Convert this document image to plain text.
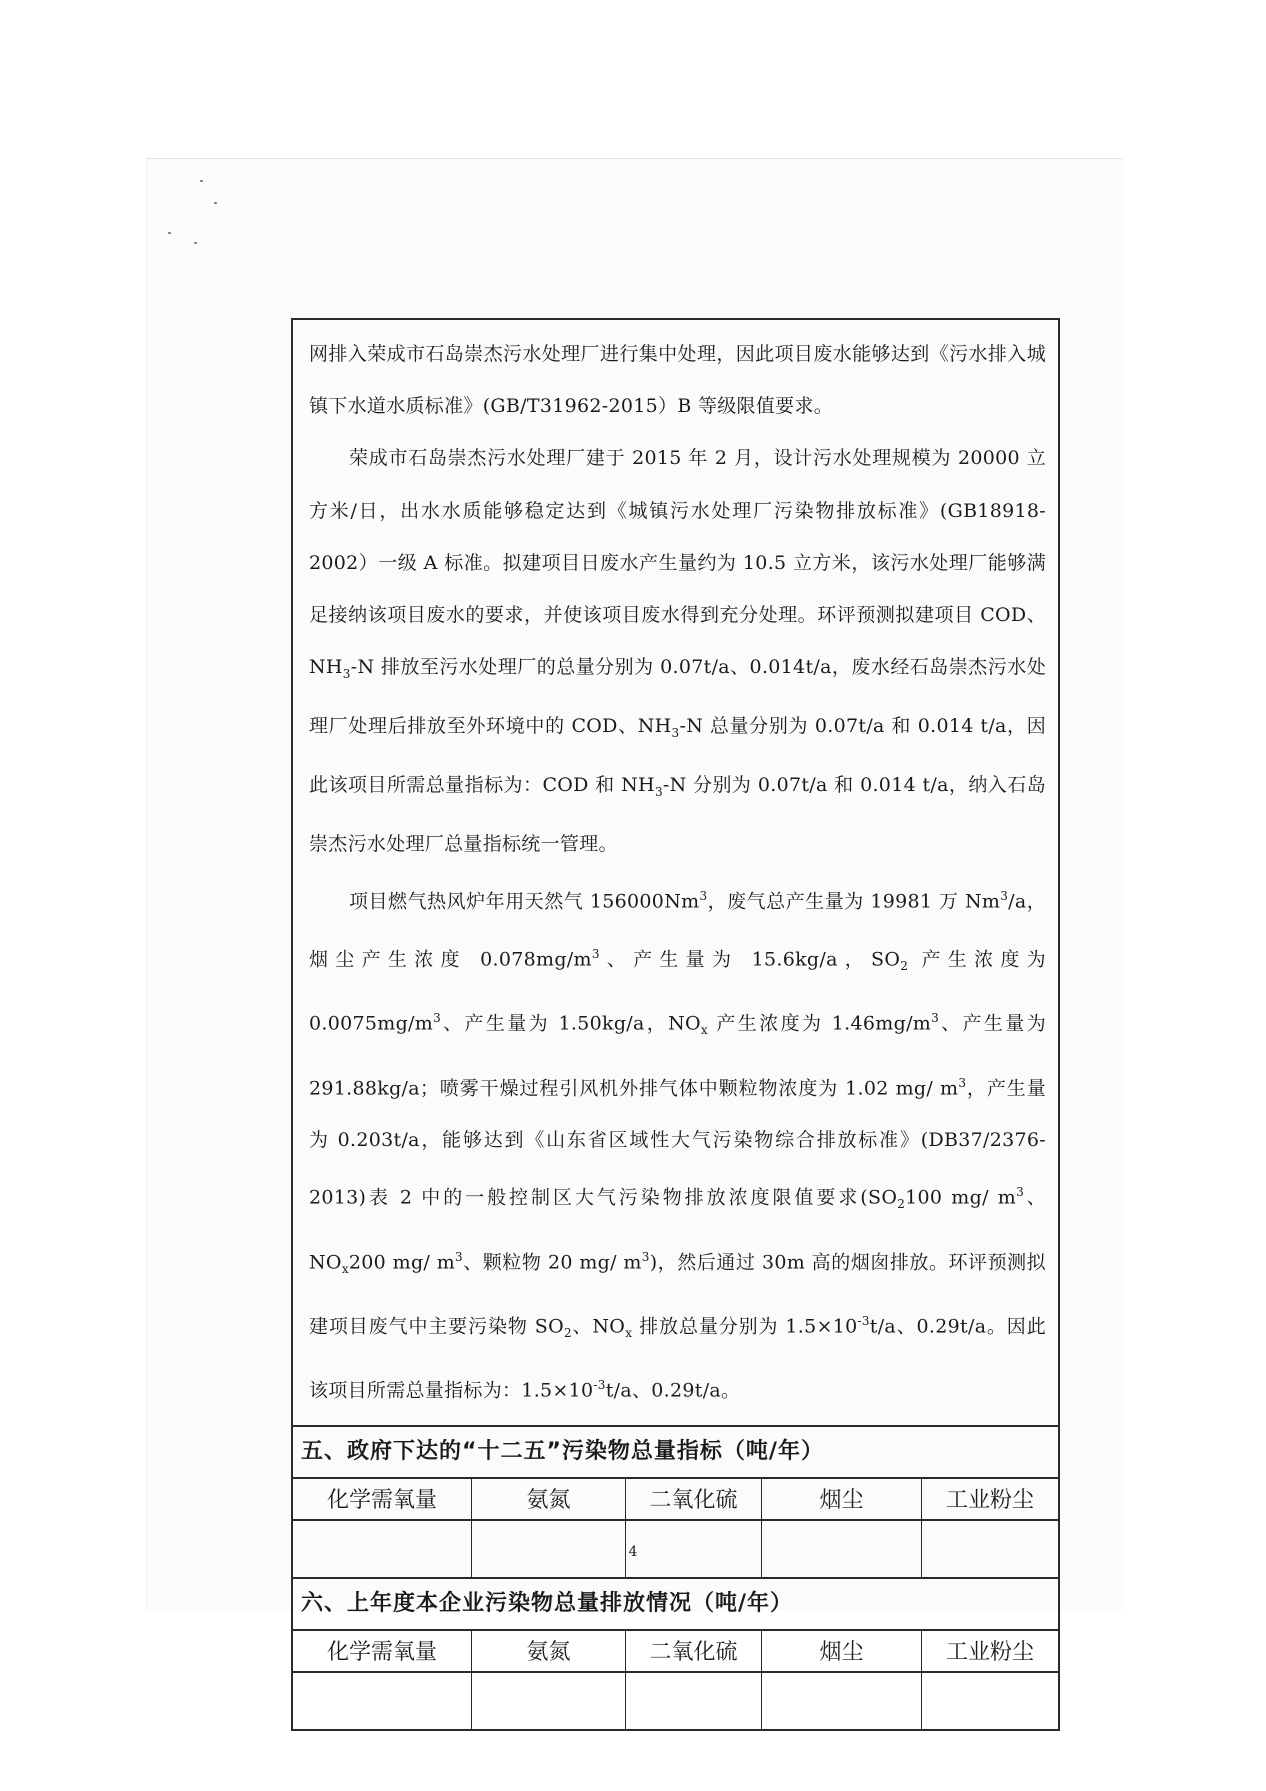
网排入荣成市石岛崇杰污水处理厂进行集中处理，因此项目废水能够达到《污水排入城镇下水道水质标准》(GB/T31962-2015）B 等级限值要求。

荣成市石岛崇杰污水处理厂建于 2015 年 2 月，设计污水处理规模为 20000 立方米/日，出水水质能够稳定达到《城镇污水处理厂污染物排放标准》(GB18918-2002）一级 A 标准。拟建项目日废水产生量约为 10.5 立方米，该污水处理厂能够满足接纳该项目废水的要求，并使该项目废水得到充分处理。环评预测拟建项目 COD、$NH_3-N$ 排放至污水处理厂的总量分别为 0.07t/a、0.014t/a，废水经石岛崇杰污水处理厂处理后排放至外环境中的 COD、$NH_3-N$ 总量分别为 0.07t/a 和 0.014 t/a，因此该项目所需总量指标为：COD 和 $NH_3-N$ 分别为 0.07t/a 和 0.014 t/a，纳入石岛崇杰污水处理厂总量指标统一管理。

项目燃气热风炉年用天然气 156000Nm$^3$，废气总产生量为 19981 万 Nm$^3$/a，烟尘产生浓度 $0.078mg/m^3$、产生量为 15.6kg/a，$SO_2$ 产生浓度为 $0.0075mg/m^3$、产生量为 1.50kg/a，$NO_x$ 产生浓度为 $1.46mg/m^3$、产生量为 291.88kg/a；喷雾干燥过程引风机外排气体中颗粒物浓度为 1.02 mg/ $m^3$，产生量为 0.203t/a，能够达到《山东省区域性大气污染物综合排放标准》(DB37/2376-2013)表 2 中的一般控制区大气污染物排放浓度限值要求($SO_2100$ mg/ $m^3$、$NO_x200$ mg/ $m^3$、颗粒物 20 mg/ $m^3$)，然后通过 30m 高的烟囱排放。环评预测拟建项目废气中主要污染物 $SO_2$、$NO_x$ 排放总量分别为 $1.5\times 10^{-3}t/a$、0.29t/a。因此该项目所需总量指标为：$1.5\times 10^{-3}t/a$、0.29t/a。

五、政府下达的“十二五”污染物总量指标（吨/年）
化学需氧量	氨氮	二氧化硫	烟尘	工业粉尘
六、上年度本企业污染物总量排放情况（吨/年）
化学需氧量	氨氮	二氧化硫	烟尘	工业粉尘
4
